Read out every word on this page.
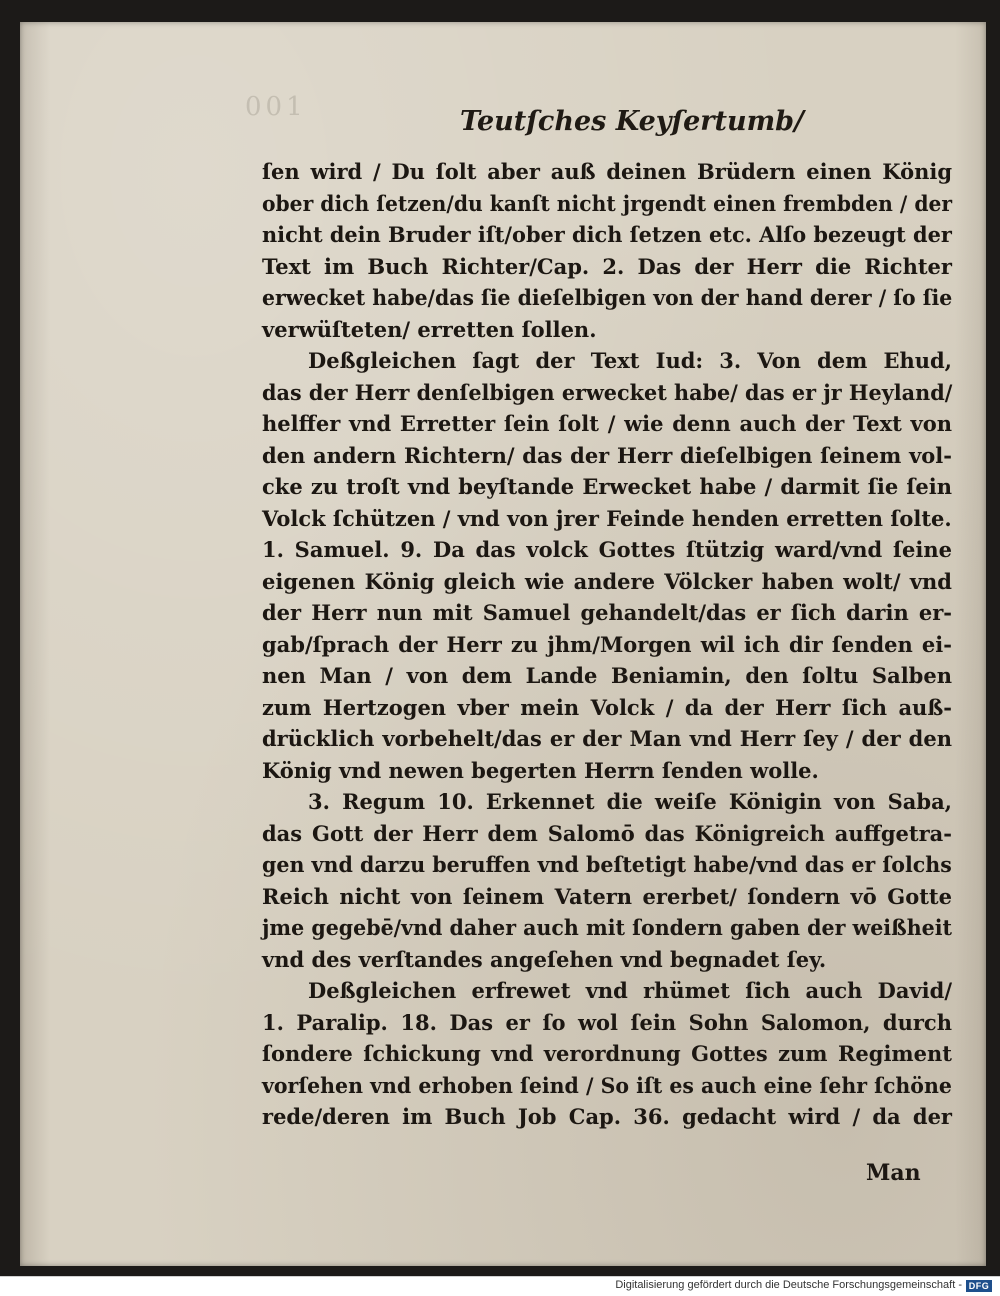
001	Teutſches Keyſertumb/
ſen wird / Du ſolt aber auß deinen Brüdern einen König
ober dich ſetzen/du kanſt nicht jrgendt einen frembden / der
nicht dein Bruder iſt/ober dich ſetzen etc. Alſo bezeugt der
Text im Buch Richter/Cap. 2. Das der Herr die Richter
erwecket habe/das ſie dieſelbigen von der hand derer / ſo ſie
verwüſteten/ erretten ſollen.
Deßgleichen ſagt der Text Iud: 3. Von dem Ehud,
das der Herr denſelbigen erwecket habe/ das er jr Heyland/
helffer vnd Erretter ſein ſolt / wie denn auch der Text von
den andern Richtern/ das der Herr dieſelbigen ſeinem vol-
cke zu troſt vnd beyſtande Erwecket habe / darmit ſie ſein
Volck ſchützen / vnd von jrer Feinde henden erretten ſolte.
1. Samuel. 9. Da das volck Gottes ſtützig ward/vnd ſeine
eigenen König gleich wie andere Völcker haben wolt/ vnd
der Herr nun mit Samuel gehandelt/das er ſich darin er-
gab/ſprach der Herr zu jhm/Morgen wil ich dir ſenden ei-
nen Man / von dem Lande Beniamin, den ſoltu Salben
zum Hertzogen vber mein Volck / da der Herr ſich auß-
drücklich vorbehelt/das er der Man vnd Herr ſey / der den
König vnd newen begerten Herrn ſenden wolle.
3. Regum 10. Erkennet die weiſe Königin von Saba,
das Gott der Herr dem Salomō das Königreich auffgetra-
gen vnd darzu beruffen vnd beſtetigt habe/vnd das er ſolchs
Reich nicht von ſeinem Vatern ererbet/ ſondern vō Gotte
jme gegebē/vnd daher auch mit ſondern gaben der weißheit
vnd des verſtandes angeſehen vnd begnadet ſey.
Deßgleichen erfrewet vnd rhümet ſich auch David/
1. Paralip. 18. Das er ſo wol ſein Sohn Salomon, durch
ſondere ſchickung vnd verordnung Gottes zum Regiment
vorſehen vnd erhoben ſeind / So iſt es auch eine ſehr ſchöne
rede/deren im Buch Job Cap. 36. gedacht wird / da der
Man
Digitalisierung gefördert durch die Deutsche Forschungsgemeinschaft - DFG
